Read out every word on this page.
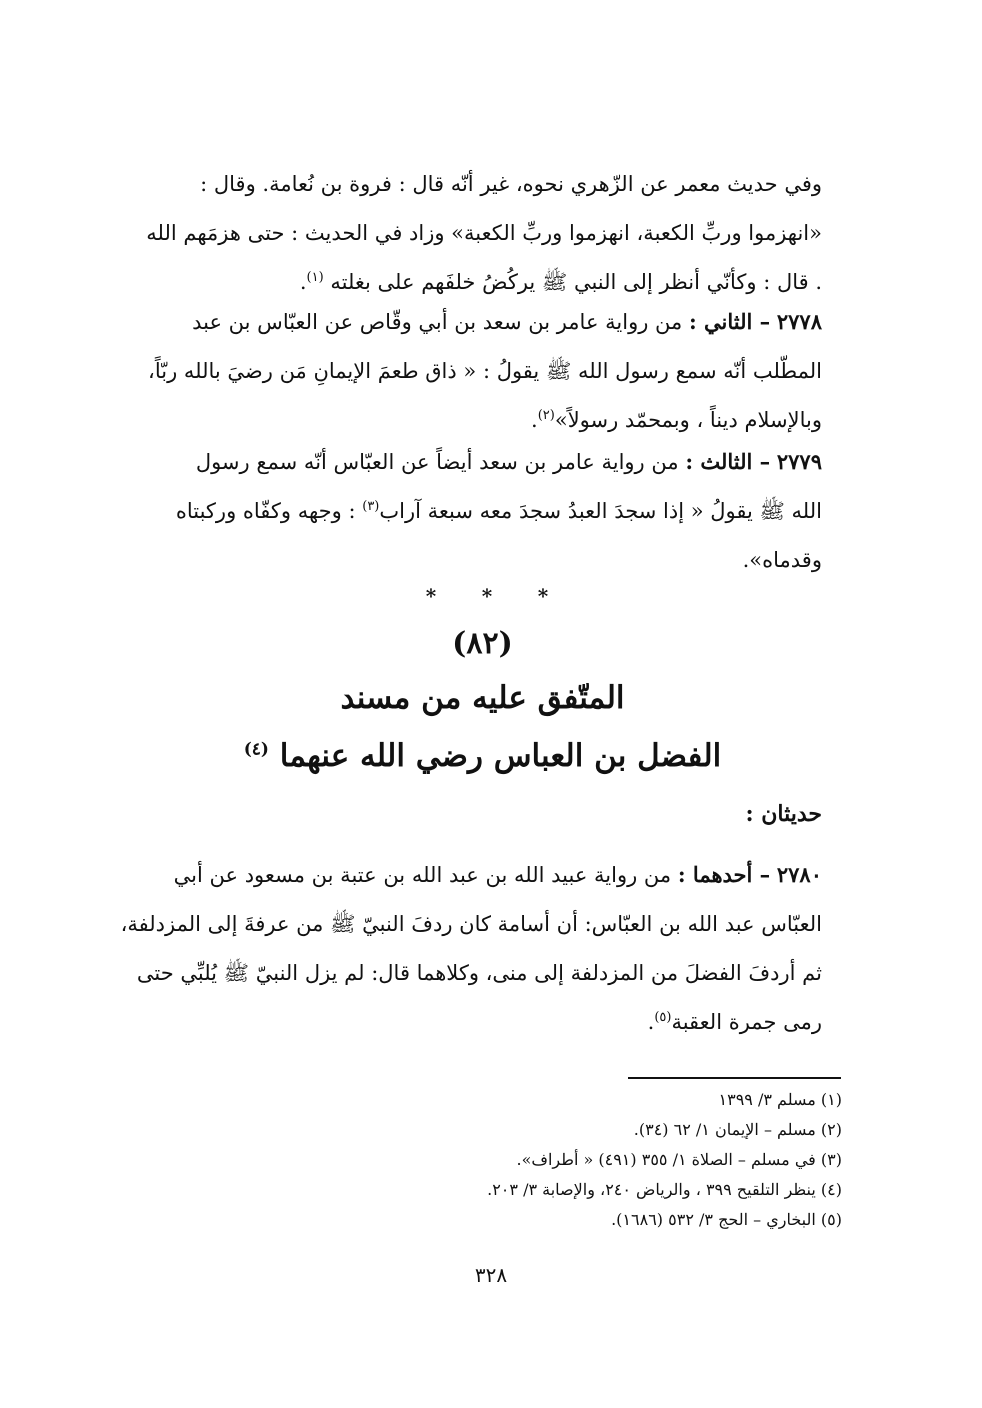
وفي حديث معمر عن الزّهري نحوه، غير أنّه قال : فروة بن نُعامة. وقال :

«انهزموا وربِّ الكعبة، انهزموا وربِّ الكعبة» وزاد في الحديث : حتى هزمَهم الله

. قال : وكأنّي أنظر إلى النبي ﷺ يركُضُ خلفَهم على بغلته $^{(١)}$.

٢٧٧٨ – الثاني : من رواية عامر بن سعد بن أبي وقّاص عن العبّاس بن عبد

المطّلب أنّه سمع رسول الله ﷺ يقولُ : « ذاق طعمَ الإيمانِ مَن رضيَ بالله ربّاً،

وبالإسلام ديناً ، وبمحمّد رسولاً»$^{(٢)}$.

٢٧٧٩ – الثالث : من رواية عامر بن سعد أيضاً عن العبّاس أنّه سمع رسول

الله ﷺ يقولُ « إذا سجدَ العبدُ سجدَ معه سبعة آراب$^{(٣)}$ : وجهه وكفّاه وركبتاه

وقدماه».

* * *
(٨٢)
المتّفق عليه من مسند
الفضل بن العباس رضي الله عنهما $^{(٤)}$
حديثان :

٢٧٨٠ – أحدهما : من رواية عبيد الله بن عبد الله بن عتبة بن مسعود عن أبي

العبّاس عبد الله بن العبّاس: أن أسامة كان ردفَ النبيّ ﷺ من عرفةَ إلى المزدلفة،

ثم أردفَ الفضلَ من المزدلفة إلى منى، وكلاهما قال: لم يزل النبيّ ﷺ يُلبِّي حتى

رمى جمرة العقبة$^{(٥)}$.

(١) مسلم ٣/ ١٣٩٩

(٢) مسلم – الإيمان ١/ ٦٢ (٣٤).

(٣) في مسلم – الصلاة ١/ ٣٥٥ (٤٩١) « أطراف».

(٤) ينظر التلقيح ٣٩٩ ، والرياض ٢٤٠، والإصابة ٣/ ٢٠٣.

(٥) البخاري – الحج ٣/ ٥٣٢ (١٦٨٦).

٣٢٨
